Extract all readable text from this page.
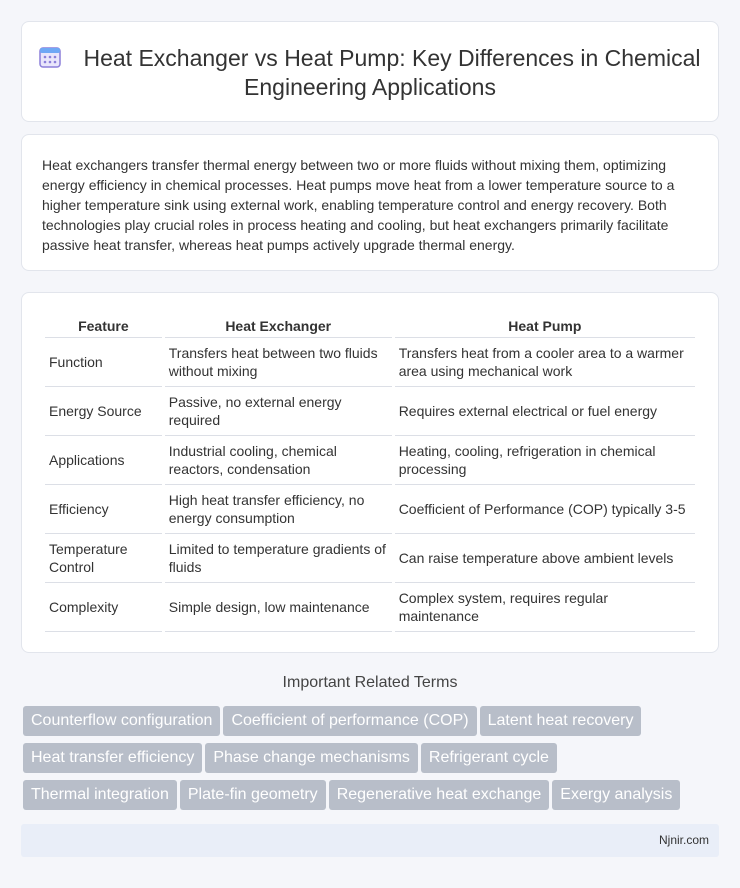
Heat Exchanger vs Heat Pump: Key Differences in Chemical Engineering Applications

Heat exchangers transfer thermal energy between two or more fluids without mixing them, optimizing energy efficiency in chemical processes. Heat pumps move heat from a lower temperature source to a higher temperature sink using external work, enabling temperature control and energy recovery. Both technologies play crucial roles in process heating and cooling, but heat exchangers primarily facilitate passive heat transfer, whereas heat pumps actively upgrade thermal energy.

Feature	Heat Exchanger	Heat Pump
Function	Transfers heat between two fluids without mixing	Transfers heat from a cooler area to a warmer area using mechanical work
Energy Source	Passive, no external energy required	Requires external electrical or fuel energy
Applications	Industrial cooling, chemical reactors, condensation	Heating, cooling, refrigeration in chemical processing
Efficiency	High heat transfer efficiency, no energy consumption	Coefficient of Performance (COP) typically 3-5
Temperature Control	Limited to temperature gradients of fluids	Can raise temperature above ambient levels
Complexity	Simple design, low maintenance	Complex system, requires regular maintenance
Important Related Terms
Counterflow configuration Coefficient of performance (COP) Latent heat recovery
Heat transfer efficiency Phase change mechanisms Refrigerant cycle
Thermal integration Plate-fin geometry Regenerative heat exchange Exergy analysis
Njnir.com
